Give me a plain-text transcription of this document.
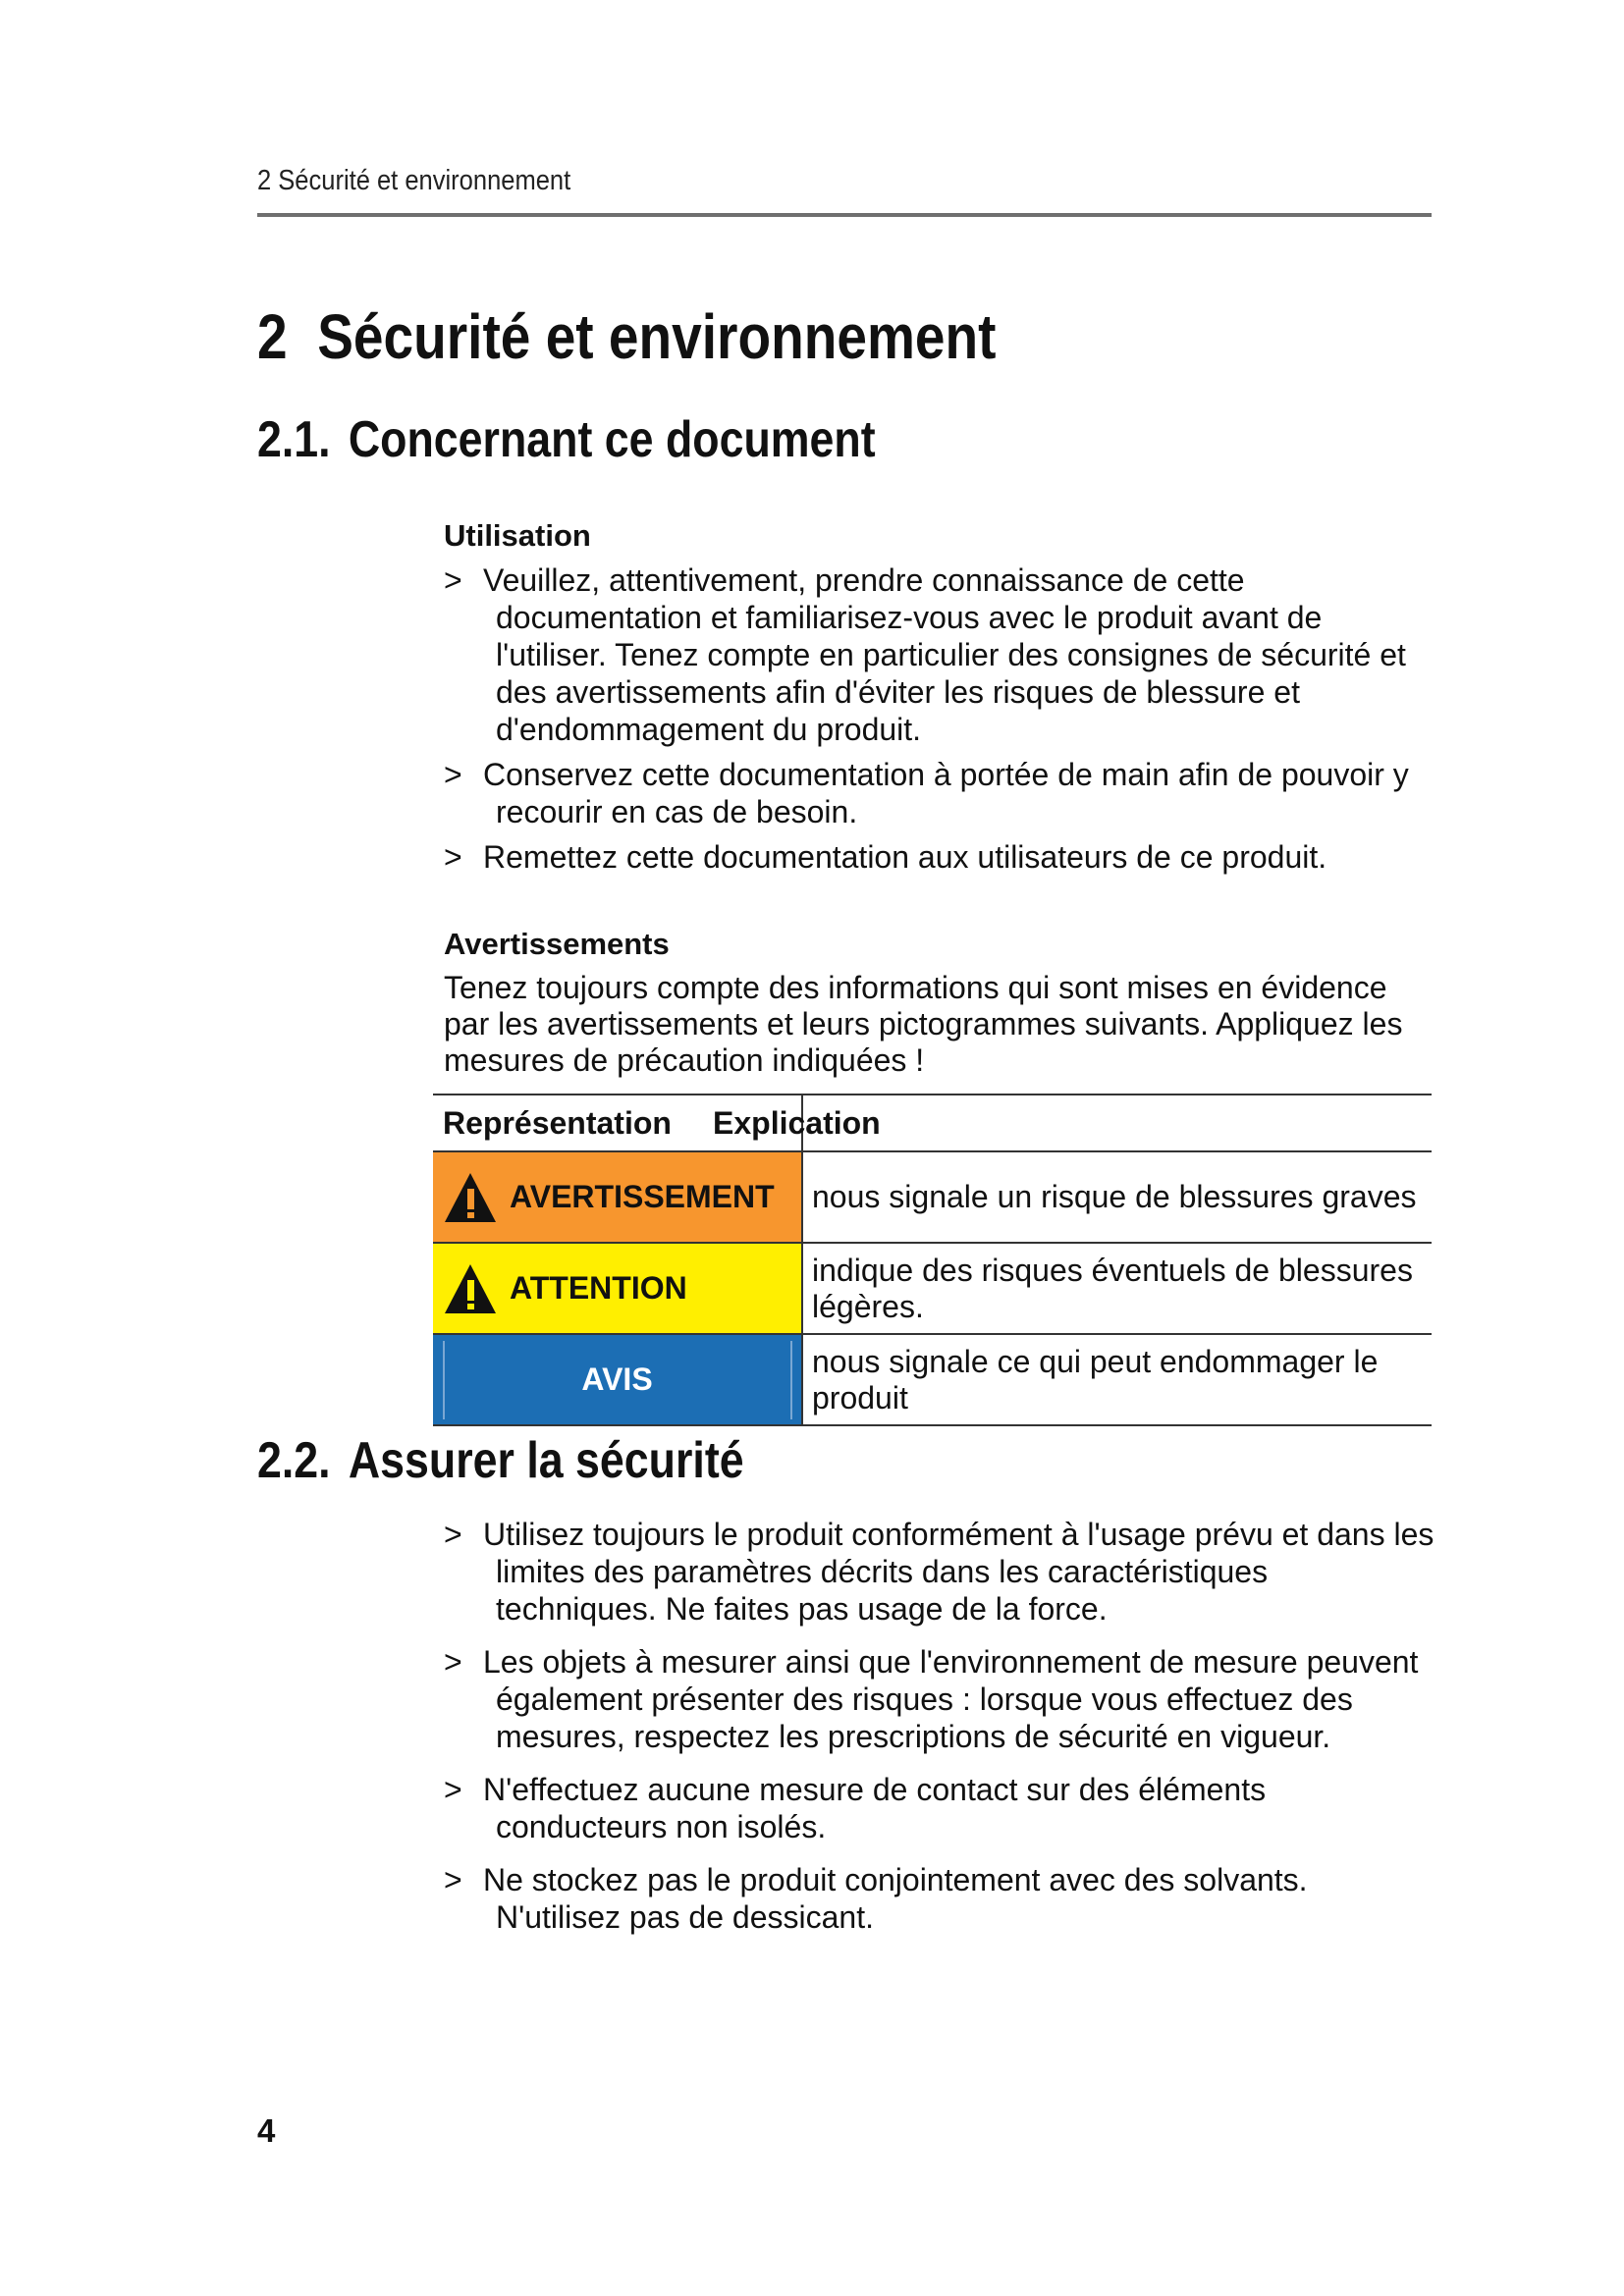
2 Sécurité et environnement
2  Sécurité et environnement
2.1. Concernant ce document
Utilisation
> Veuillez, attentivement, prendre connaissance de cette documentation et familiarisez-vous avec le produit avant de l'utiliser. Tenez compte en particulier des consignes de sécurité et des avertissements afin d'éviter les risques de blessure et d'endommagement du produit.
> Conservez cette documentation à portée de main afin de pouvoir y recourir en cas de besoin.
> Remettez cette documentation aux utilisateurs de ce produit.
Avertissements

Tenez toujours compte des informations qui sont mises en évidence par les avertissements et leurs pictogrammes suivants. Appliquez les mesures de précaution indiquées !

Représentation	Explication

AVERTISSEMENT	nous signale un risque de blessures graves

ATTENTION	indique des risques éventuels de blessures légères.

AVIS	nous signale ce qui peut endommager le produit
2.2. Assurer la sécurité
> Utilisez toujours le produit conformément à l'usage prévu et dans les limites des paramètres décrits dans les caractéristiques techniques. Ne faites pas usage de la force.
> Les objets à mesurer ainsi que l'environnement de mesure peuvent également présenter des risques : lorsque vous effectuez des mesures, respectez les prescriptions de sécurité en vigueur.
> N'effectuez aucune mesure de contact sur des éléments conducteurs non isolés.
> Ne stockez pas le produit conjointement avec des solvants. N'utilisez pas de dessicant.
4
